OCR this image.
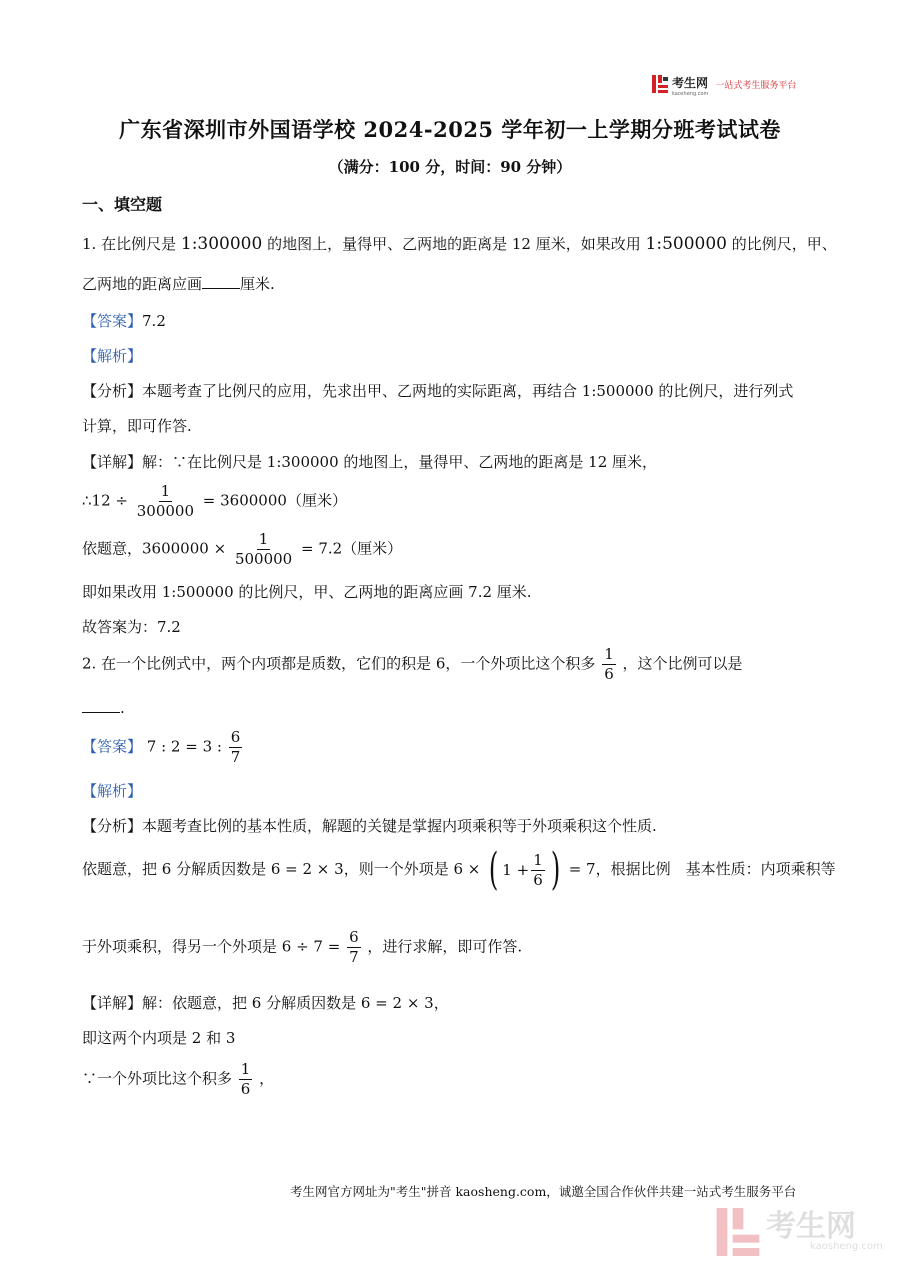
考生网
kaosheng.com
一站式考生服务平台
广东省深圳市外国语学校 2024-2025 学年初一上学期分班考试试卷
（满分：100 分，时间：90 分钟）
一、填空题
1. 在比例尺是 1:300000 的地图上，量得甲、乙两地的距离是 12 厘米，如果改用 1:500000 的比例尺，甲、
乙两地的距离应画	厘米.
【答案】7.2
【解析】
【分析】本题考查了比例尺的应用，先求出甲、乙两地的实际距离，再结合 1:500000 的比例尺，进行列式
计算，即可作答.
【详解】解：∵在比例尺是 1:300000 的地图上，量得甲、乙两地的距离是 12 厘米，
∴12 ÷ $\frac{1}{300000} = 3600000$（厘米）
依题意，$3600000 \times \frac{1}{500000} = 7.2$（厘米）
即如果改用 1:500000 的比例尺，甲、乙两地的距离应画 7.2 厘米.
故答案为：7.2
2. 在一个比例式中，两个内项都是质数，它们的积是 6，一个外项比这个积多 $\frac{1}{6}$ ，这个比例可以是
.
【答案】 7 : 2 = 3 : $\frac{6}{7}$
【解析】
【分析】本题考查比例的基本性质，解题的关键是掌握内项乘积等于外项乘积这个性质.
依题意，把 6 分解质因数是 6 = 2 × 3，则一个外项是 6 × ( $1 + \frac{1}{6}$ ) = 7，根据比例　基本性质：内项乘积等
于外项乘积，得另一个外项是 $6 \div 7 = \frac{6}{7}$ ，进行求解，即可作答.
【详解】解：依题意，把 6 分解质因数是 6 = 2 × 3，
即这两个内项是 2 和 3
∵一个外项比这个积多 $\frac{1}{6}$ ，
考生网官方网址为"考生"拼音 kaosheng.com，诚邀全国合作伙伴共建一站式考生服务平台
考生网
kaosheng.com
